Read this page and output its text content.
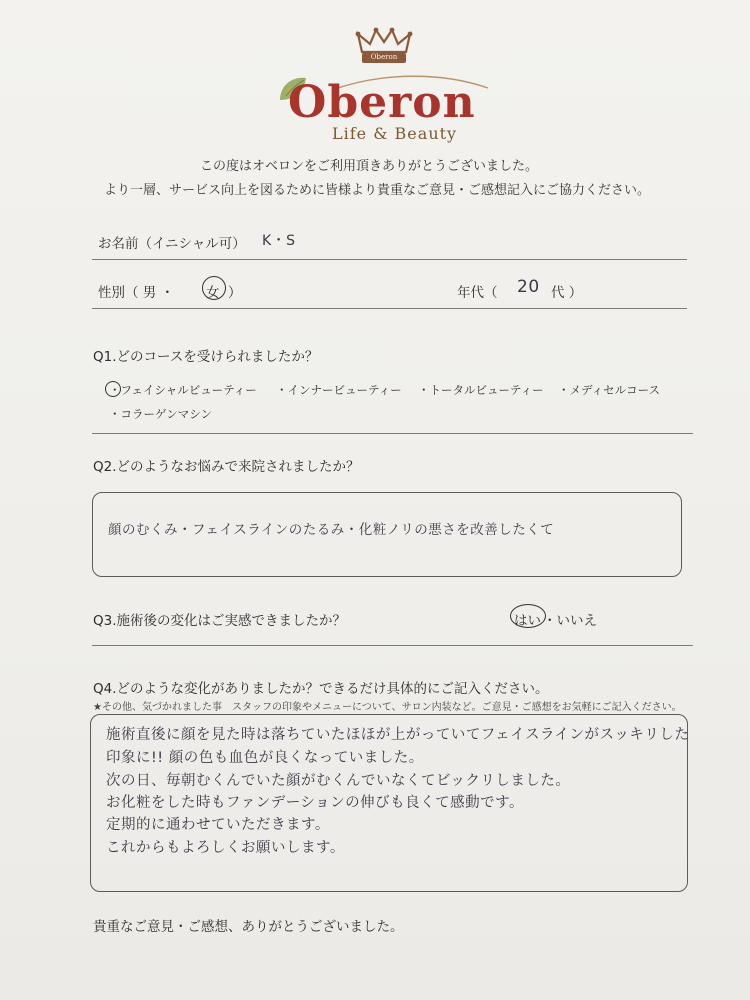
Oberon
Oberon
Life & Beauty
この度はオベロンをご利用頂きありがとうございました。
より一層、サービス向上を図るために皆様より貴重なご意見・ご感想記入にご協力ください。
お名前（イニシャル可） K・S
性別（ 男 ・ 女 ）	年代（ 20 代 ）
Q1.どのコースを受けられましたか？
・フェイシャルビューティー ・インナービューティー ・トータルビューティー ・メディセルコース
・コラーゲンマシン
Q2.どのようなお悩みで来院されましたか？
顔のむくみ・フェイスラインのたるみ・化粧ノリの悪さを改善したくて
Q3.施術後の変化はご実感できましたか？	はい ・いいえ
Q4.どのような変化がありましたか？できるだけ具体的にご記入ください。
★その他、気づかれました事　スタッフの印象やメニューについて、サロン内装など。ご意見・ご感想をお気軽にご記入ください。
施術直後に顔を見た時は落ちていたほほが上がっていてフェイスラインがスッキリした
印象に!! 顔の色も血色が良くなっていました。
次の日、毎朝むくんでいた顔がむくんでいなくてビックリしました。
お化粧をした時もファンデーションの伸びも良くて感動です。
定期的に通わせていただきます。
これからもよろしくお願いします。
貴重なご意見・ご感想、ありがとうございました。
